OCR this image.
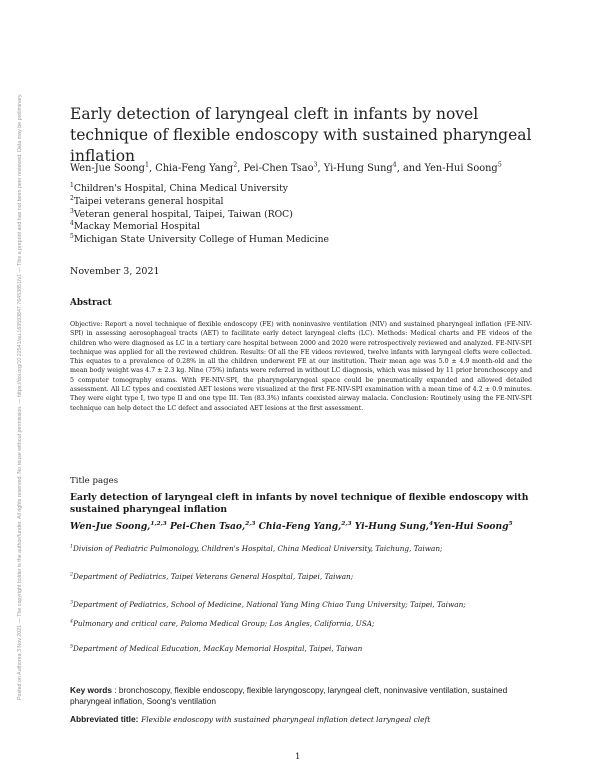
Posted on Authorea 3 Nov 2021 — The copyright holder is the author/funder. All rights reserved. No reuse without permission. — https://doi.org/10.22541/au.163593847.76453851/v1 — This a preprint and has not been peer reviewed. Data may be preliminary.	Early detection of laryngeal cleft in infants by novel technique of flexible endoscopy with sustained pharyngeal inflation
Wen-Jue Soong$^1$, Chia-Feng Yang$^2$, Pei-Chen Tsao$^3$, Yi-Hung Sung$^4$, and Yen-Hui Soong$^5$
$^1$Children's Hospital, China Medical University
$^2$Taipei veterans general hospital
$^3$Veteran general hospital, Taipei, Taiwan (ROC)
$^4$Mackay Memorial Hospital
$^5$Michigan State University College of Human Medicine
November 3, 2021
Abstract

Objective: Report a novel technique of flexible endoscopy (FE) with noninvasive ventilation (NIV) and sustained pharyngeal inflation (FE-NIV-SPI) in assessing aerosophageal tracts (AET) to facilitate early detect laryngeal clefts (LC). Methods: Medical charts and FE videos of the children who were diagnosed as LC in a tertiary care hospital between 2000 and 2020 were retrospectively reviewed and analyzed. FE-NIV-SPI technique was applied for all the reviewed children. Results: Of all the FE videos reviewed, twelve infants with laryngeal clefts were collected. This equates to a prevalence of 0.28% in all the children underwent FE at our institution. Their mean age was 5.0 ± 4.9 month-old and the mean body weight was 4.7 ± 2.3 kg. Nine (75%) infants were referred in without LC diagnosis, which was missed by 11 prior bronchoscopy and 5 computer tomography exams. With FE-NIV-SPI, the pharyngolaryngeal space could be pneumatically expanded and allowed detailed assessment. All LC types and coexisted AET lesions were visualized at the first FE-NIV-SPI examination with a mean time of 4.2 ± 0.9 minutes. They were eight type I, two type II and one type III. Ten (83.3%) infants coexisted airway malacia. Conclusion: Routinely using the FE-NIV-SPI technique can help detect the LC defect and associated AET lesions at the first assessment.

Title pages

Early detection of laryngeal cleft in infants by novel technique of flexible endoscopy with sustained pharyngeal inflation

Wen-Jue Soong,$^{1,2,3}$ Pei-Chen Tsao,$^{2,3}$ Chia-Feng Yang,$^{2,3}$ Yi-Hung Sung,$^4$Yen-Hui Soong$^5$
$^1$Division of Pediatric Pulmonology, Children's Hospital, China Medical University, Taichung, Taiwan;
$^2$Department of Pediatrics, Taipei Veterans General Hospital, Taipei, Taiwan;
$^3$Department of Pediatrics, School of Medicine, National Yang Ming Chiao Tung University; Taipei, Taiwan;
$^4$Pulmonary and critical care, Paloma Medical Group; Los Angles, California, USA;
$^5$Department of Medical Education, MacKay Memorial Hospital, Taipei, Taiwan

Key words : bronchoscopy, flexible endoscopy, flexible laryngoscopy, laryngeal cleft, noninvasive ventilation, sustained pharyngeal inflation, Soong's ventilation

Abbreviated title: Flexible endoscopy with sustained pharyngeal inflation detect laryngeal cleft
1
